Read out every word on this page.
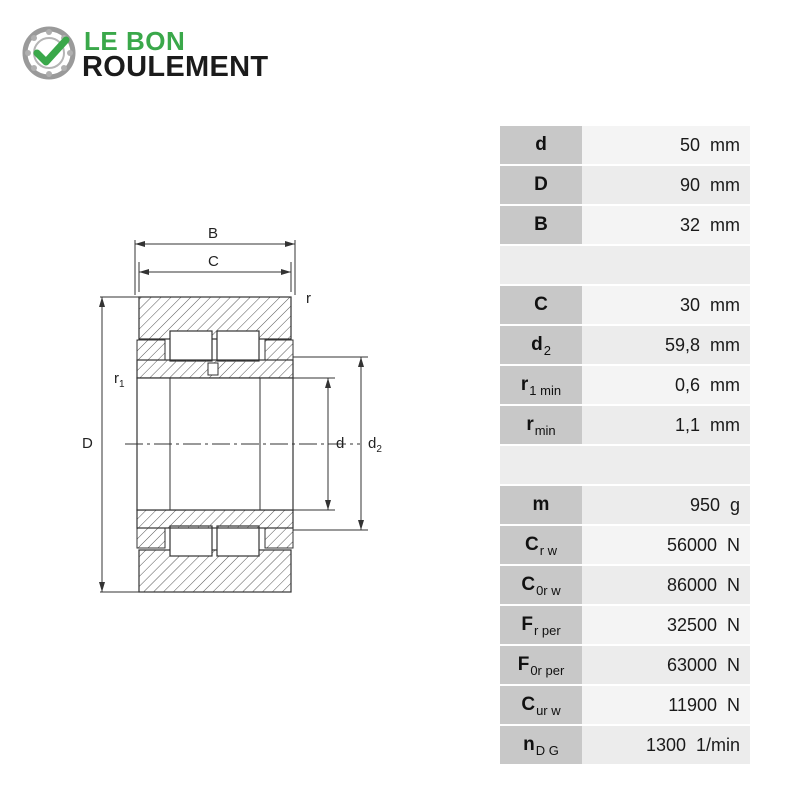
LE BON
ROULEMENT
B
C
r
D
$r_1$
d $d_2$
d	50 mm
D	90 mm
B	32 mm
C	30 mm
d 2	59,8 mm
r 1 min	0,6 mm
r min	1,1 mm
m	950 g
C r w	56000 N
C 0r w	86000 N
F r per	32500 N
F 0r per	63000 N
C ur w	11900 N
n D G	1300 1/min
